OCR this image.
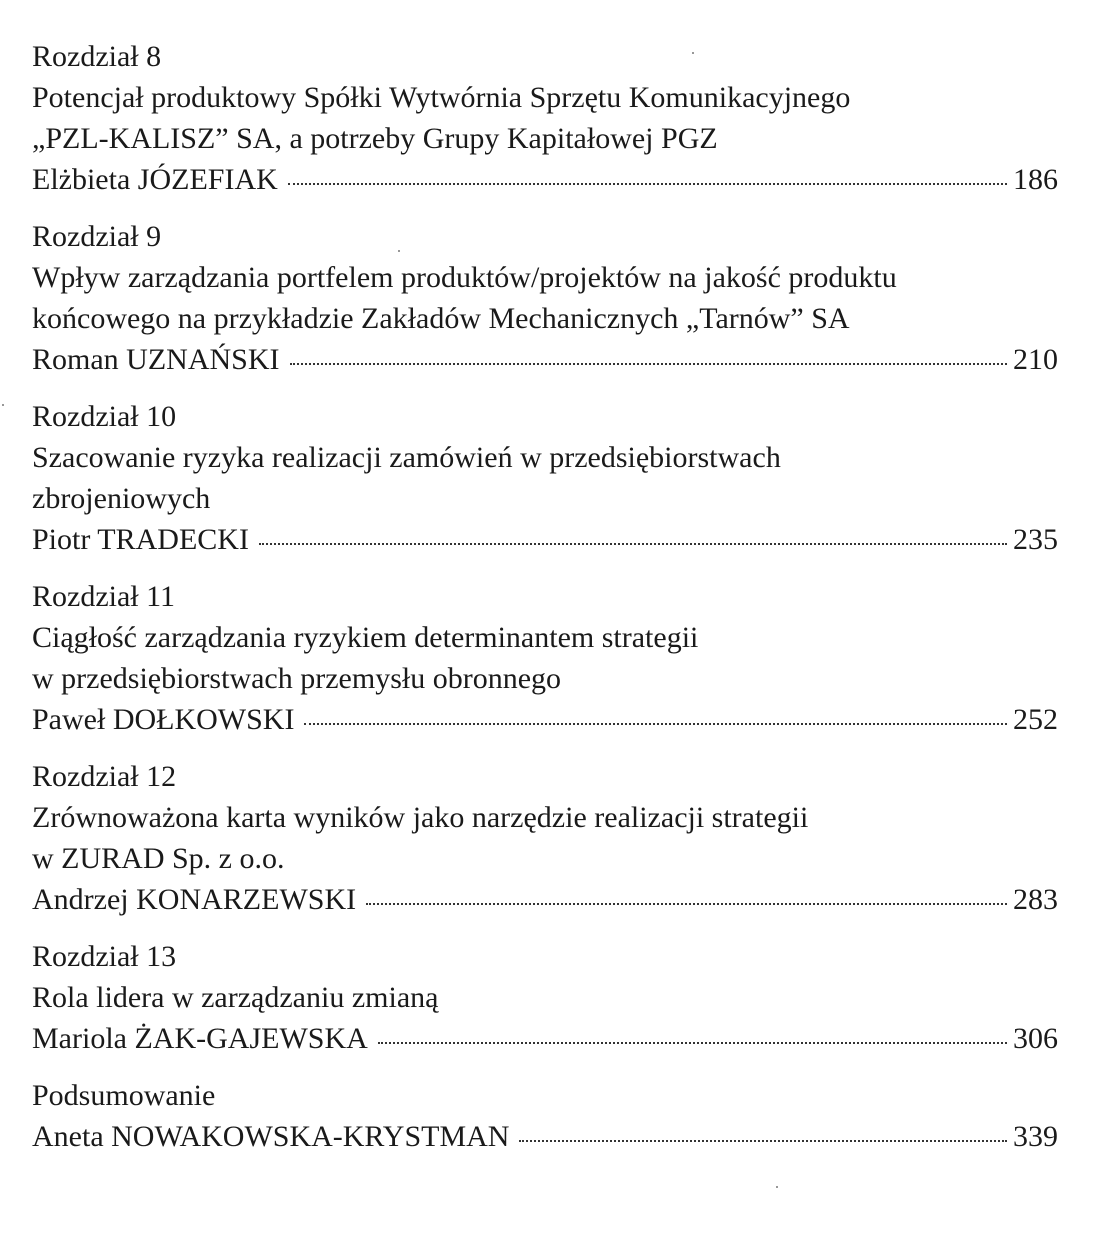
Rozdział 8
Potencjał produktowy Spółki Wytwórnia Sprzętu Komunikacyjnego
„PZL-KALISZ” SA, a potrzeby Grupy Kapitałowej PGZ
Elżbieta JÓZEFIAK	186
Rozdział 9
Wpływ zarządzania portfelem produktów/projektów na jakość produktu
końcowego na przykładzie Zakładów Mechanicznych „Tarnów” SA
Roman UZNAŃSKI	210
Rozdział 10
Szacowanie ryzyka realizacji zamówień w przedsiębiorstwach
zbrojeniowych
Piotr TRADECKI	235
Rozdział 11
Ciągłość zarządzania ryzykiem determinantem strategii
w przedsiębiorstwach przemysłu obronnego
Paweł DOŁKOWSKI	252
Rozdział 12
Zrównoważona karta wyników jako narzędzie realizacji strategii
w ZURAD Sp. z o.o.
Andrzej KONARZEWSKI	283
Rozdział 13
Rola lidera w zarządzaniu zmianą
Mariola ŻAK-GAJEWSKA	306
Podsumowanie
Aneta NOWAKOWSKA-KRYSTMAN	339
